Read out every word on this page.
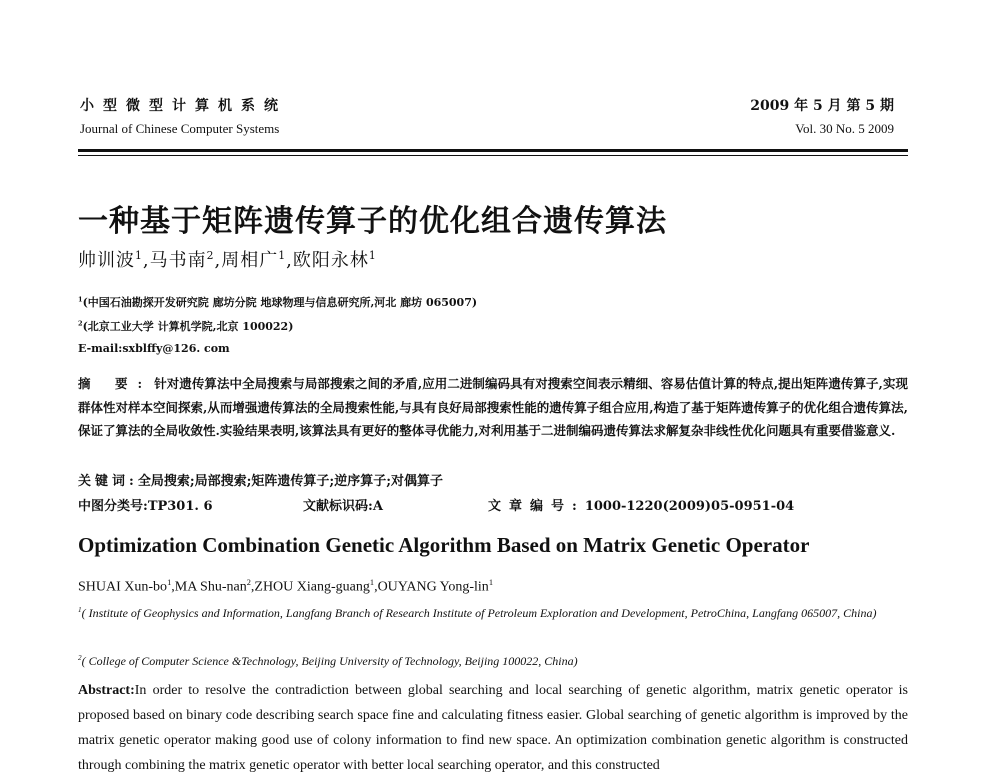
小型微型计算机系统
Journal of Chinese Computer Systems
2009 年 5 月 第 5 期
Vol. 30 No. 5 2009
一种基于矩阵遗传算子的优化组合遗传算法
帅训波$^1$,马书南$^2$,周相广$^1$,欧阳永林$^1$
$^1$(中国石油勘探开发研究院 廊坊分院 地球物理与信息研究所,河北 廊坊 065007)
$^2$(北京工业大学 计算机学院,北京 100022)
E-mail:sxblffy@126. com
摘 要: 针对遗传算法中全局搜索与局部搜索之间的矛盾,应用二进制编码具有对搜索空间表示精细、容易估值计算的特点,提出矩阵遗传算子,实现群体性对样本空间探索,从而增强遗传算法的全局搜索性能,与具有良好局部搜索性能的遗传算子组合应用,构造了基于矩阵遗传算子的优化组合遗传算法,保证了算法的全局收敛性.实验结果表明,该算法具有更好的整体寻优能力,对利用基于二进制编码遗传算法求解复杂非线性优化问题具有重要借鉴意义.
关键词:全局搜索;局部搜索;矩阵遗传算子;逆序算子;对偶算子
中图分类号:TP301. 6	文献标识码:A	文章编号:1000-1220(2009)05-0951-04
Optimization Combination Genetic Algorithm Based on Matrix Genetic Operator
SHUAI Xun-$bo^1,MA$ Shu-nan$^2$,ZHOU Xiang-guang$^1$,OUYANG Yong-lin$^1$
$^1$( Institute of Geophysics and Information, Langfang Branch of Research Institute of Petroleum Exploration and Development, PetroChina, Langfang 065007, China)
$^2$( College of Computer Science &Technology, Beijing University of Technology, Beijing 100022, China)
Abstract:In order to resolve the contradiction between global searching and local searching of genetic algorithm, matrix genetic operator is proposed based on binary code describing search space fine and calculating fitness easier. Global searching of genetic algorithm is improved by the matrix genetic operator making good use of colony information to find new space. An optimization combination genetic algorithm is constructed through combining the matrix genetic operator with better local searching operator, and this constructed
